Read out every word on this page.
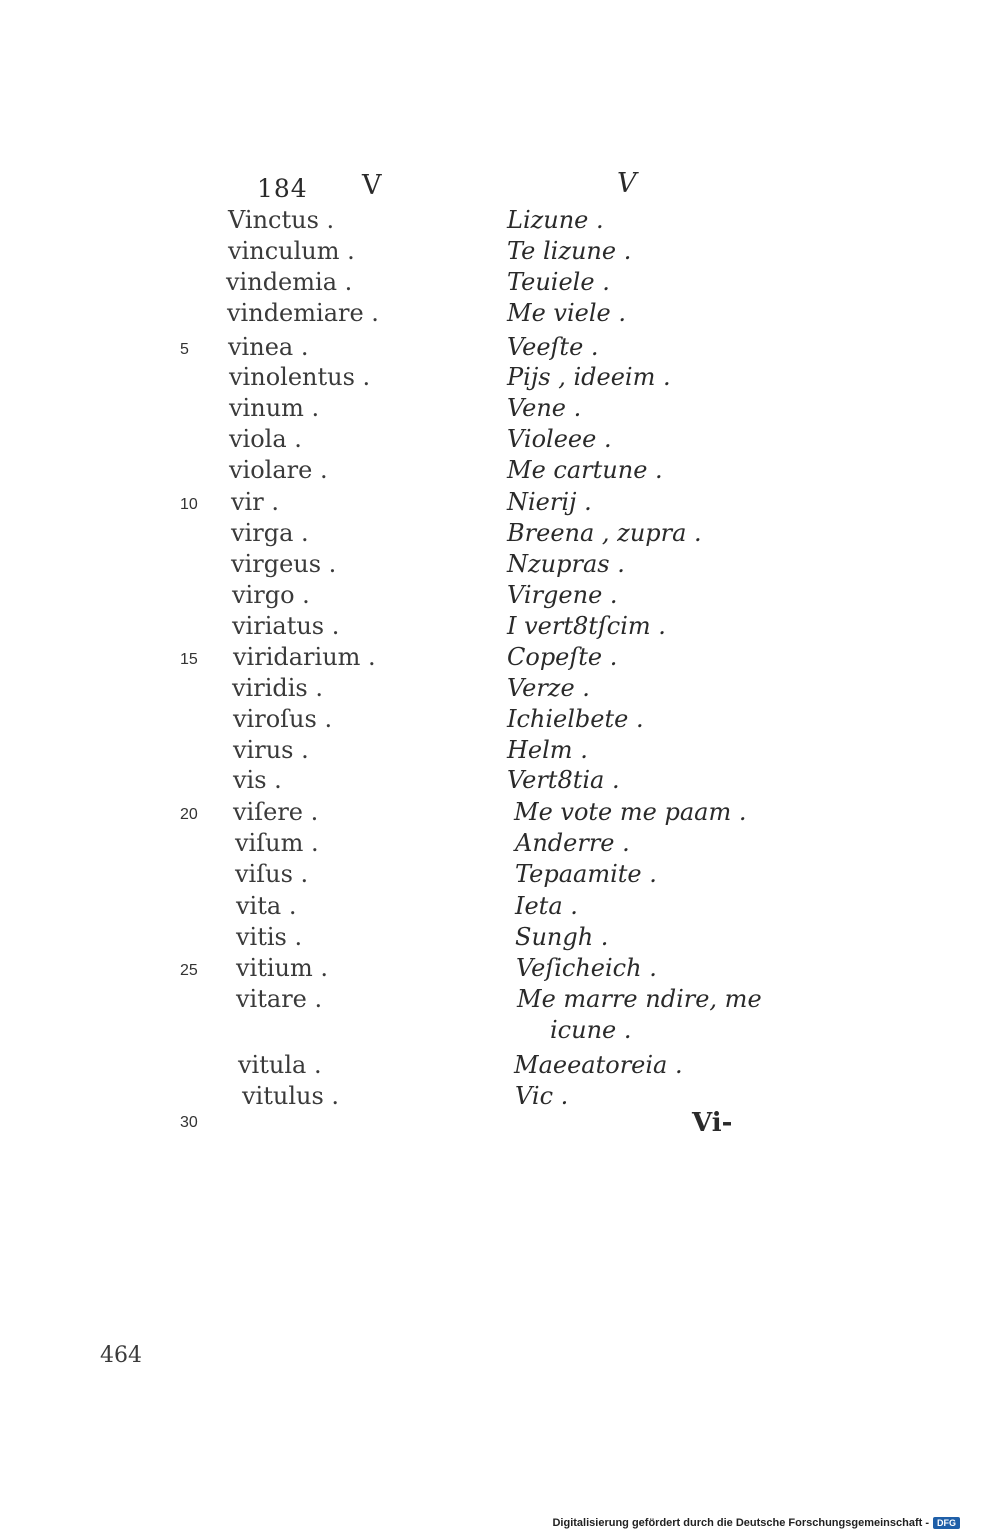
184 V	V
Vinctus .	Lizune .
vinculum .	Te lizune .
vindemia .	Teuiele .
vindemiare .	Me viele .
5 vinea .	Veeſte .
vinolentus .	Pijs , ideeim .
vinum .	Vene .
viola .	Violeee .
violare .	Me cartune .
10 vir .	Nierij .
virga .	Breena , zupra .
virgeus .	Nzupras .
virgo .	Virgene .
viriatus .	I vert8tſcim .
15 viridarium .	Copeſte .
viridis .	Verze .
viroſus .	Ichielbete .
virus .	Helm .
vis .	Vert8tia .
20 viſere .	Me vote me paam .
viſum .	Anderre .
viſus .	Tepaamite .
vita .	Ieta .
vitis .	Sungh .
25 vitium .	Veſicheich .
vitare .	Me marre ndire, me
icune .
vitula .	Maeeatoreia .
vitulus .	Vic .
30	Vi-
464
Digitalisierung gefördert durch die Deutsche Forschungsgemeinschaft - DFG
